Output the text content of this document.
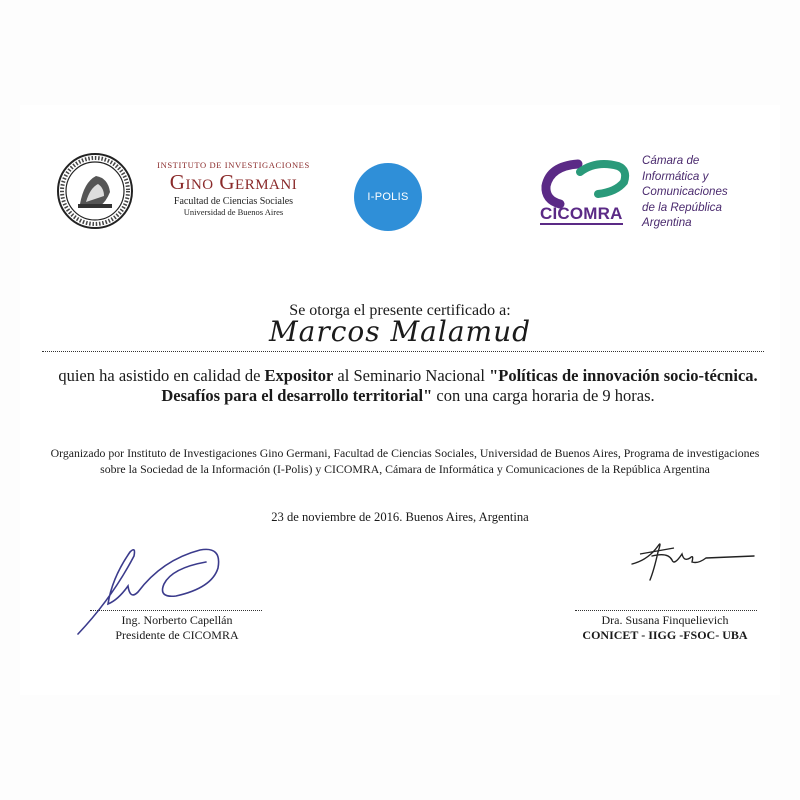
INSTITUTO DE INVESTIGACIONES
Gino Germani
Facultad de Ciencias Sociales
Universidad de Buenos Aires
I-POLIS
CICOMRA
Cámara de
Informática y
Comunicaciones
de la República
Argentina
Se otorga el presente certificado a:
Marcos Malamud
quien ha asistido en calidad de Expositor al Seminario Nacional "Políticas de innovación socio-técnica. Desafíos para el desarrollo territorial" con una carga horaria de 9 horas.
Organizado por Instituto de Investigaciones Gino Germani, Facultad de Ciencias Sociales, Universidad de Buenos Aires, Programa de investigaciones sobre la Sociedad de la Información (I-Polis) y CICOMRA, Cámara de Informática y Comunicaciones de la República Argentina
23 de noviembre de 2016. Buenos Aires, Argentina
Ing. Norberto Capellán
Presidente de CICOMRA
Dra. Susana Finquelievich
CONICET - IIGG -FSOC- UBA
